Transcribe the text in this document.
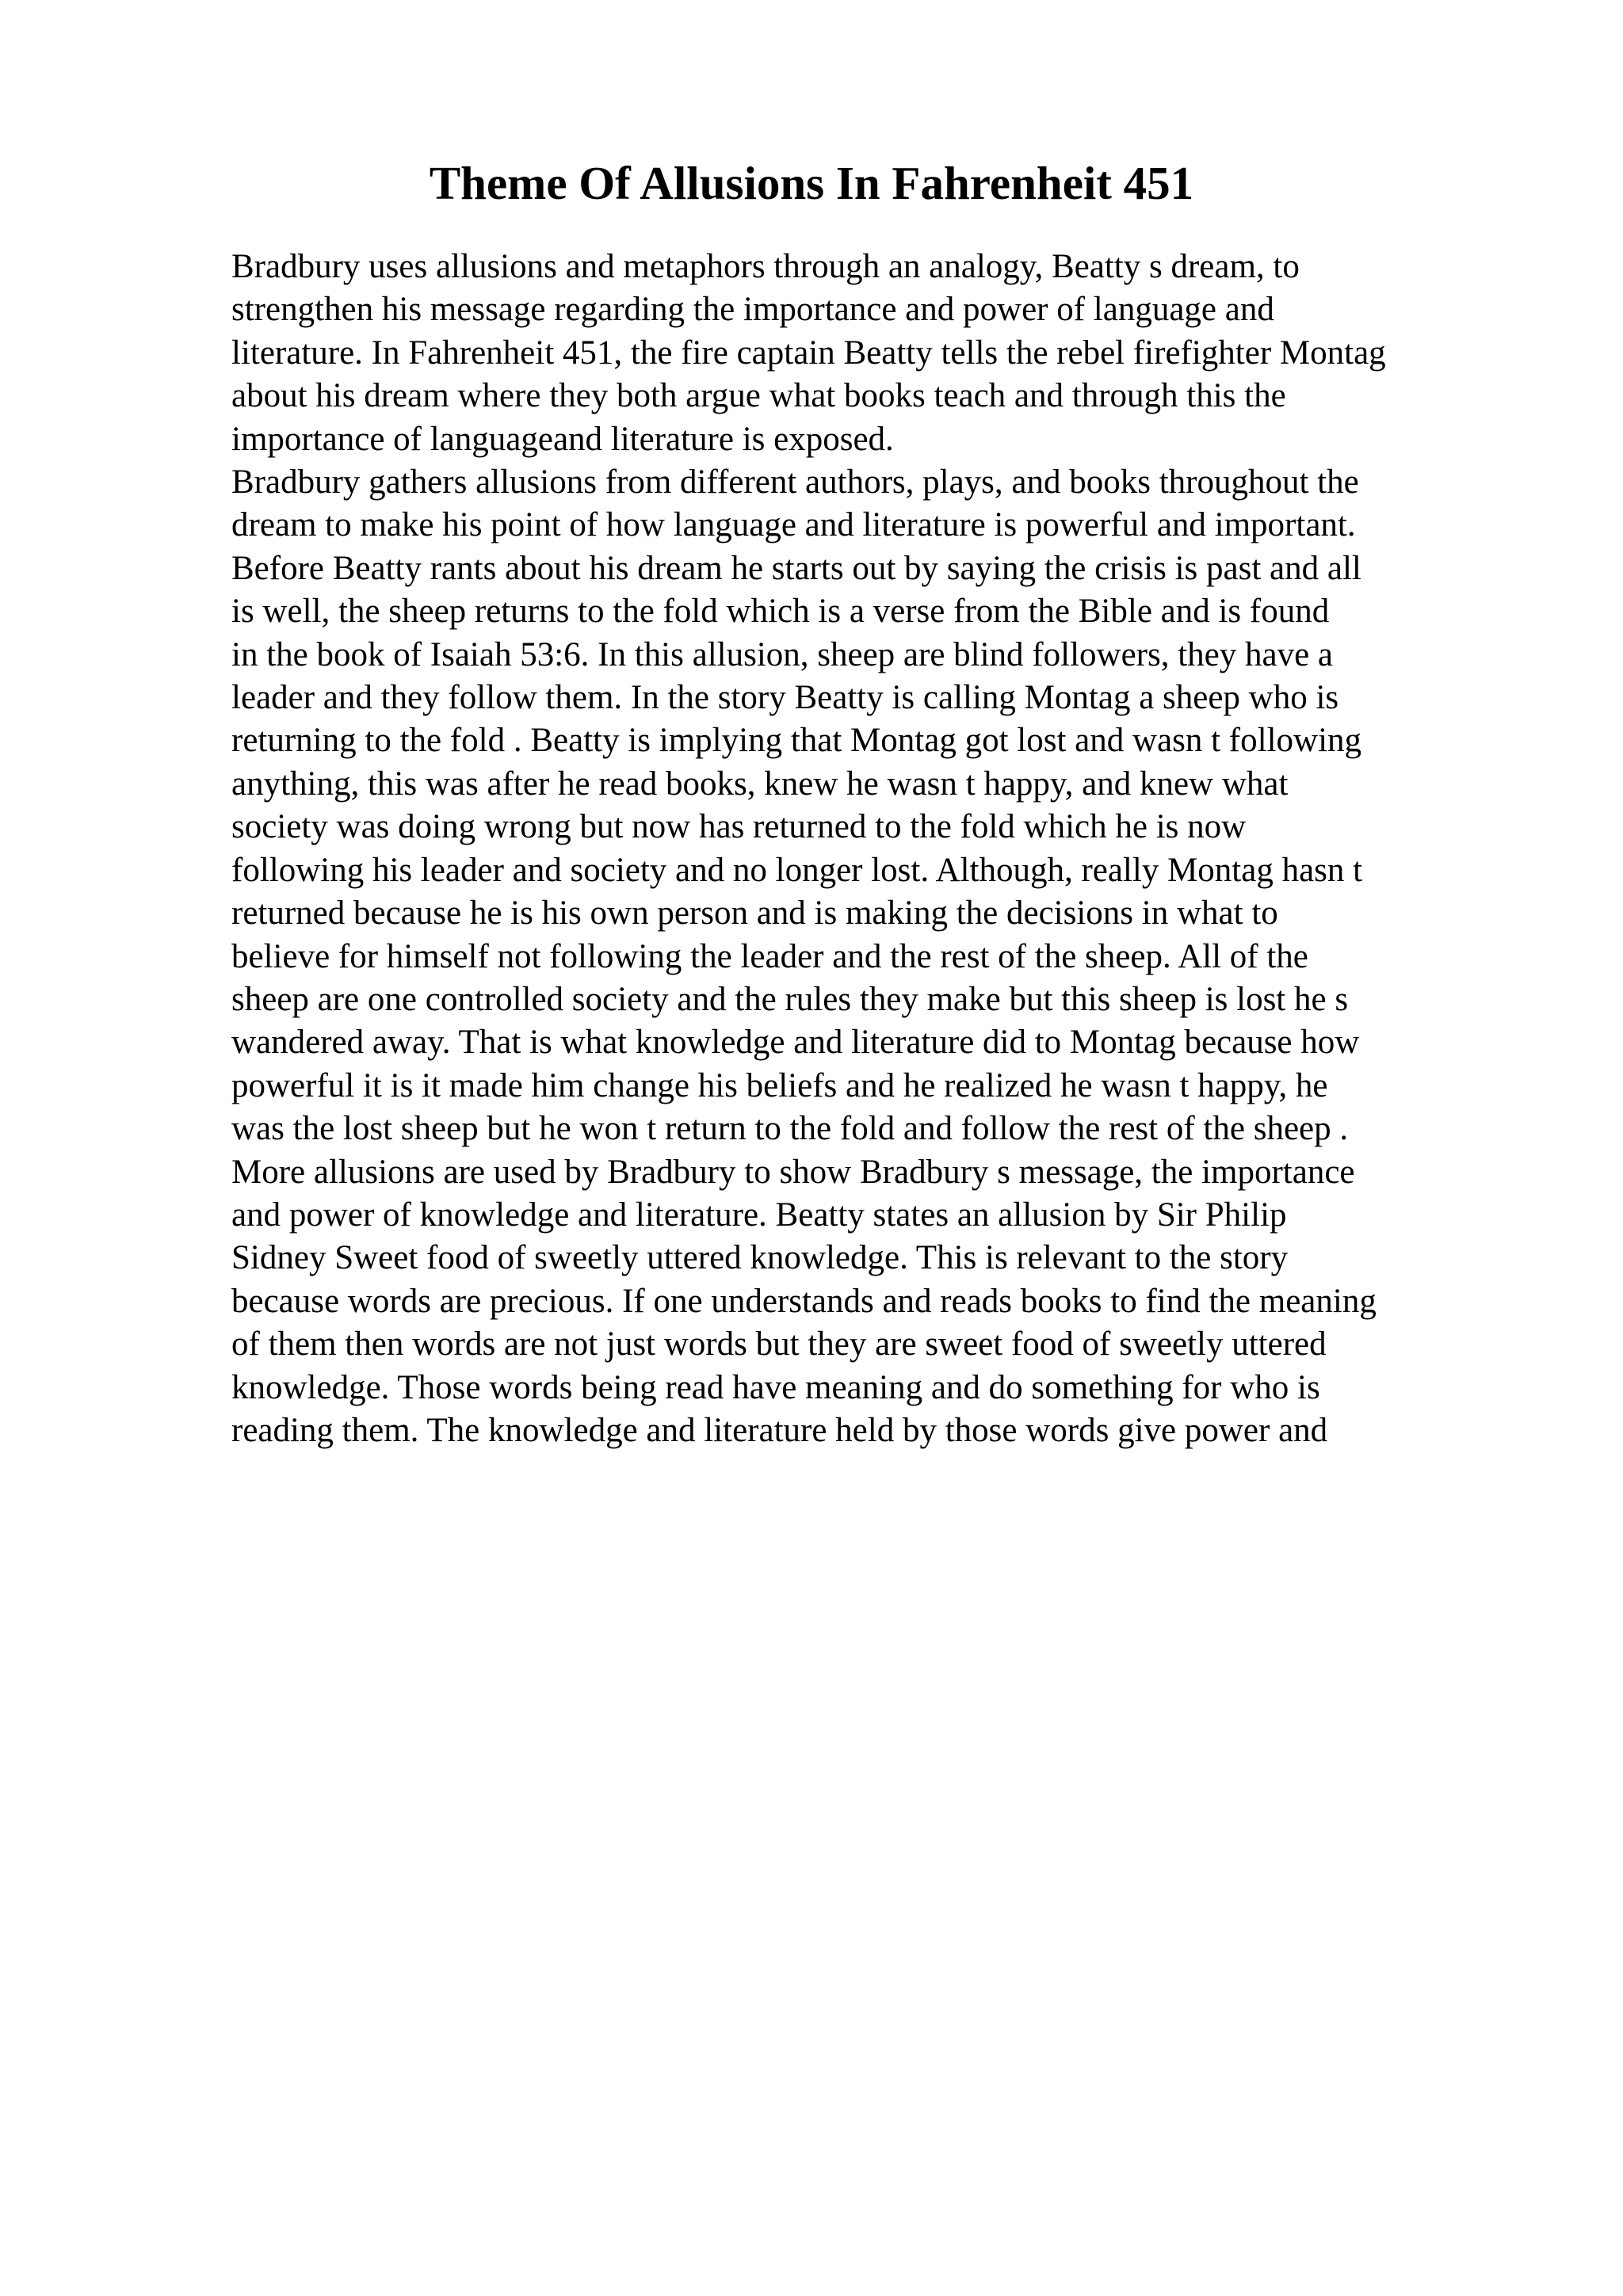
Theme Of Allusions In Fahrenheit 451
Bradbury uses allusions and metaphors through an analogy, Beatty s dream, to
strengthen his message regarding the importance and power of language and
literature. In Fahrenheit 451, the fire captain Beatty tells the rebel firefighter Montag
about his dream where they both argue what books teach and through this the
importance of languageand literature is exposed.
Bradbury gathers allusions from different authors, plays, and books throughout the
dream to make his point of how language and literature is powerful and important.
Before Beatty rants about his dream he starts out by saying the crisis is past and all
is well, the sheep returns to the fold which is a verse from the Bible and is found
in the book of Isaiah 53:6. In this allusion, sheep are blind followers, they have a
leader and they follow them. In the story Beatty is calling Montag a sheep who is
returning to the fold . Beatty is implying that Montag got lost and wasn t following
anything, this was after he read books, knew he wasn t happy, and knew what
society was doing wrong but now has returned to the fold which he is now
following his leader and society and no longer lost. Although, really Montag hasn t
returned because he is his own person and is making the decisions in what to
believe for himself not following the leader and the rest of the sheep. All of the
sheep are one controlled society and the rules they make but this sheep is lost he s
wandered away. That is what knowledge and literature did to Montag because how
powerful it is it made him change his beliefs and he realized he wasn t happy, he
was the lost sheep but he won t return to the fold and follow the rest of the sheep .
More allusions are used by Bradbury to show Bradbury s message, the importance
and power of knowledge and literature. Beatty states an allusion by Sir Philip
Sidney Sweet food of sweetly uttered knowledge. This is relevant to the story
because words are precious. If one understands and reads books to find the meaning
of them then words are not just words but they are sweet food of sweetly uttered
knowledge. Those words being read have meaning and do something for who is
reading them. The knowledge and literature held by those words give power and
